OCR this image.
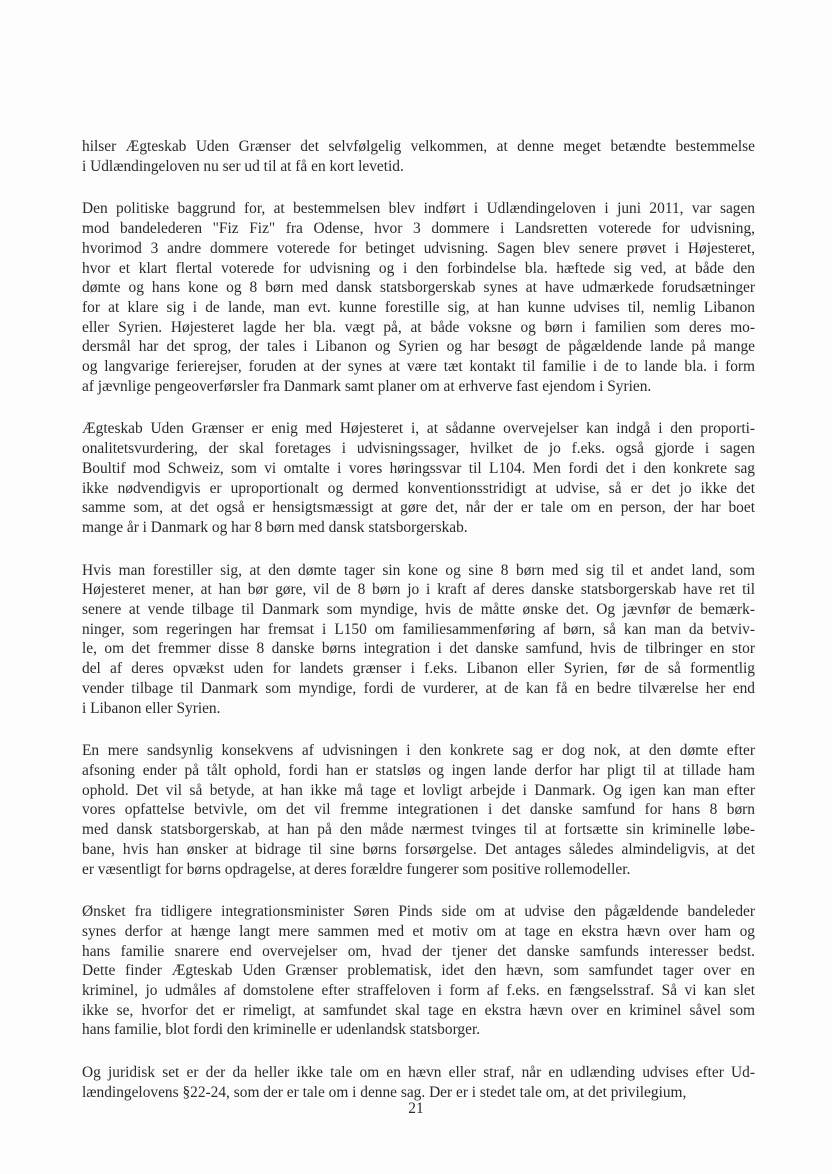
hilser Ægteskab Uden Grænser det selvfølgelig velkommen, at denne meget betændte bestemmelse
i Udlændingeloven nu ser ud til at få en kort levetid.

Den politiske baggrund for, at bestemmelsen blev indført i Udlændingeloven i juni 2011, var sagen
mod bandelederen "Fiz Fiz" fra Odense, hvor 3 dommere i Landsretten voterede for udvisning,
hvorimod 3 andre dommere voterede for betinget udvisning. Sagen blev senere prøvet i Højesteret,
hvor et klart flertal voterede for udvisning og i den forbindelse bla. hæftede sig ved, at både den
dømte og hans kone og 8 børn med dansk statsborgerskab synes at have udmærkede forudsætninger
for at klare sig i de lande, man evt. kunne forestille sig, at han kunne udvises til, nemlig Libanon
eller Syrien. Højesteret lagde her bla. vægt på, at både voksne og børn i familien som deres mo-
dersmål har det sprog, der tales i Libanon og Syrien og har besøgt de pågældende lande på mange
og langvarige ferierejser, foruden at der synes at være tæt kontakt til familie i de to lande bla. i form
af jævnlige pengeoverførsler fra Danmark samt planer om at erhverve fast ejendom i Syrien.

Ægteskab Uden Grænser er enig med Højesteret i, at sådanne overvejelser kan indgå i den proporti-
onalitetsvurdering, der skal foretages i udvisningssager, hvilket de jo f.eks. også gjorde i sagen
Boultif mod Schweiz, som vi omtalte i vores høringssvar til L104. Men fordi det i den konkrete sag
ikke nødvendigvis er uproportionalt og dermed konventionsstridigt at udvise, så er det jo ikke det
samme som, at det også er hensigtsmæssigt at gøre det, når der er tale om en person, der har boet
mange år i Danmark og har 8 børn med dansk statsborgerskab.

Hvis man forestiller sig, at den dømte tager sin kone og sine 8 børn med sig til et andet land, som
Højesteret mener, at han bør gøre, vil de 8 børn jo i kraft af deres danske statsborgerskab have ret til
senere at vende tilbage til Danmark som myndige, hvis de måtte ønske det. Og jævnfør de bemærk-
ninger, som regeringen har fremsat i L150 om familiesammenføring af børn, så kan man da betviv-
le, om det fremmer disse 8 danske børns integration i det danske samfund, hvis de tilbringer en stor
del af deres opvækst uden for landets grænser i f.eks. Libanon eller Syrien, før de så formentlig
vender tilbage til Danmark som myndige, fordi de vurderer, at de kan få en bedre tilværelse her end
i Libanon eller Syrien.

En mere sandsynlig konsekvens af udvisningen i den konkrete sag er dog nok, at den dømte efter
afsoning ender på tålt ophold, fordi han er statsløs og ingen lande derfor har pligt til at tillade ham
ophold. Det vil så betyde, at han ikke må tage et lovligt arbejde i Danmark. Og igen kan man efter
vores opfattelse betvivle, om det vil fremme integrationen i det danske samfund for hans 8 børn
med dansk statsborgerskab, at han på den måde nærmest tvinges til at fortsætte sin kriminelle løbe-
bane, hvis han ønsker at bidrage til sine børns forsørgelse. Det antages således almindeligvis, at det
er væsentligt for børns opdragelse, at deres forældre fungerer som positive rollemodeller.

Ønsket fra tidligere integrationsminister Søren Pinds side om at udvise den pågældende bandeleder
synes derfor at hænge langt mere sammen med et motiv om at tage en ekstra hævn over ham og
hans familie snarere end overvejelser om, hvad der tjener det danske samfunds interesser bedst.
Dette finder Ægteskab Uden Grænser problematisk, idet den hævn, som samfundet tager over en
kriminel, jo udmåles af domstolene efter straffeloven i form af f.eks. en fængselsstraf. Så vi kan slet
ikke se, hvorfor det er rimeligt, at samfundet skal tage en ekstra hævn over en kriminel såvel som
hans familie, blot fordi den kriminelle er udenlandsk statsborger.

Og juridisk set er der da heller ikke tale om en hævn eller straf, når en udlænding udvises efter Ud-
lændingelovens §22-24, som der er tale om i denne sag. Der er i stedet tale om, at det privilegium,

21
